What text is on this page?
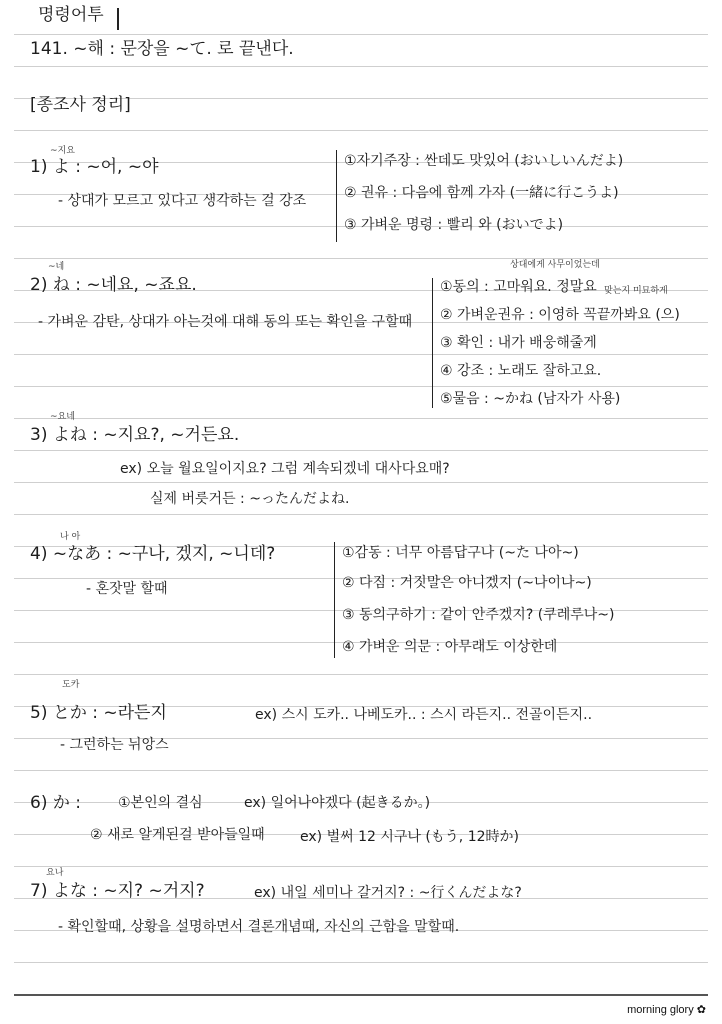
명령어투
141. ~해 : 문장을 ~て. 로 끝낸다.
[종조사 정리]
~지요
1) よ : ~어, ~야
- 상대가 모르고 있다고 생각하는 걸 강조
①자기주장 : 싼데도 맛있어 (おいしいんだよ)
② 권유 : 다음에 함께 가자 (一緒に行こうよ)
③ 가벼운 명령 : 빨리 와 (おいでよ)
~네
2) ね : ~네요, ~죠요.
- 가벼운 감탄, 상대가 아는것에 대해 동의 또는 확인을 구할때
상대에게 사무이었는데
맞는지 미묘하게
①동의 : 고마워요. 정말요
② 가벼운권유 : 이영하 꼭끝까봐요 (으)
③ 확인 : 내가 배웅해줄게
④ 강조 : 노래도 잘하고요.
⑤물음 : ~かね (남자가 사용)
~요네
3) よね : ~지요?, ~거든요.
ex) 오늘 월요일이지요? 그럼 계속되겠네 대사다요매?
실제 버릇거든 : ~ったんだよね.
나 아
4) ~なあ : ~구나, 겠지, ~니데?
- 혼잣말 할때
①감동 : 너무 아름답구나 (~た 나아~)
② 다짐 : 거짓말은 아니겠지 (~나이나~)
③ 동의구하기 : 같이 안주겠지? (쿠레루나~)
④ 가벼운 의문 : 아무래도 이상한데
도카
5) とか : ~라든지	ex) 스시 도카.. 나베도카.. : 스시 라든지.. 전골이든지..
- 그런하는 뉘앙스
6) か :	①본인의 결심	ex) 일어나야겠다 (起きるか。)
② 새로 알게된걸 받아들일때	ex) 벌써 12 시구나 (もう, 12時か)
요나
7) よな : ~지? ~거지?	ex) 내일 세미나 갈거지? : ~行くんだよな?
- 확인할때, 상황을 설명하면서 결론개념때, 자신의 근함을 말할때.
morning glory ✿
